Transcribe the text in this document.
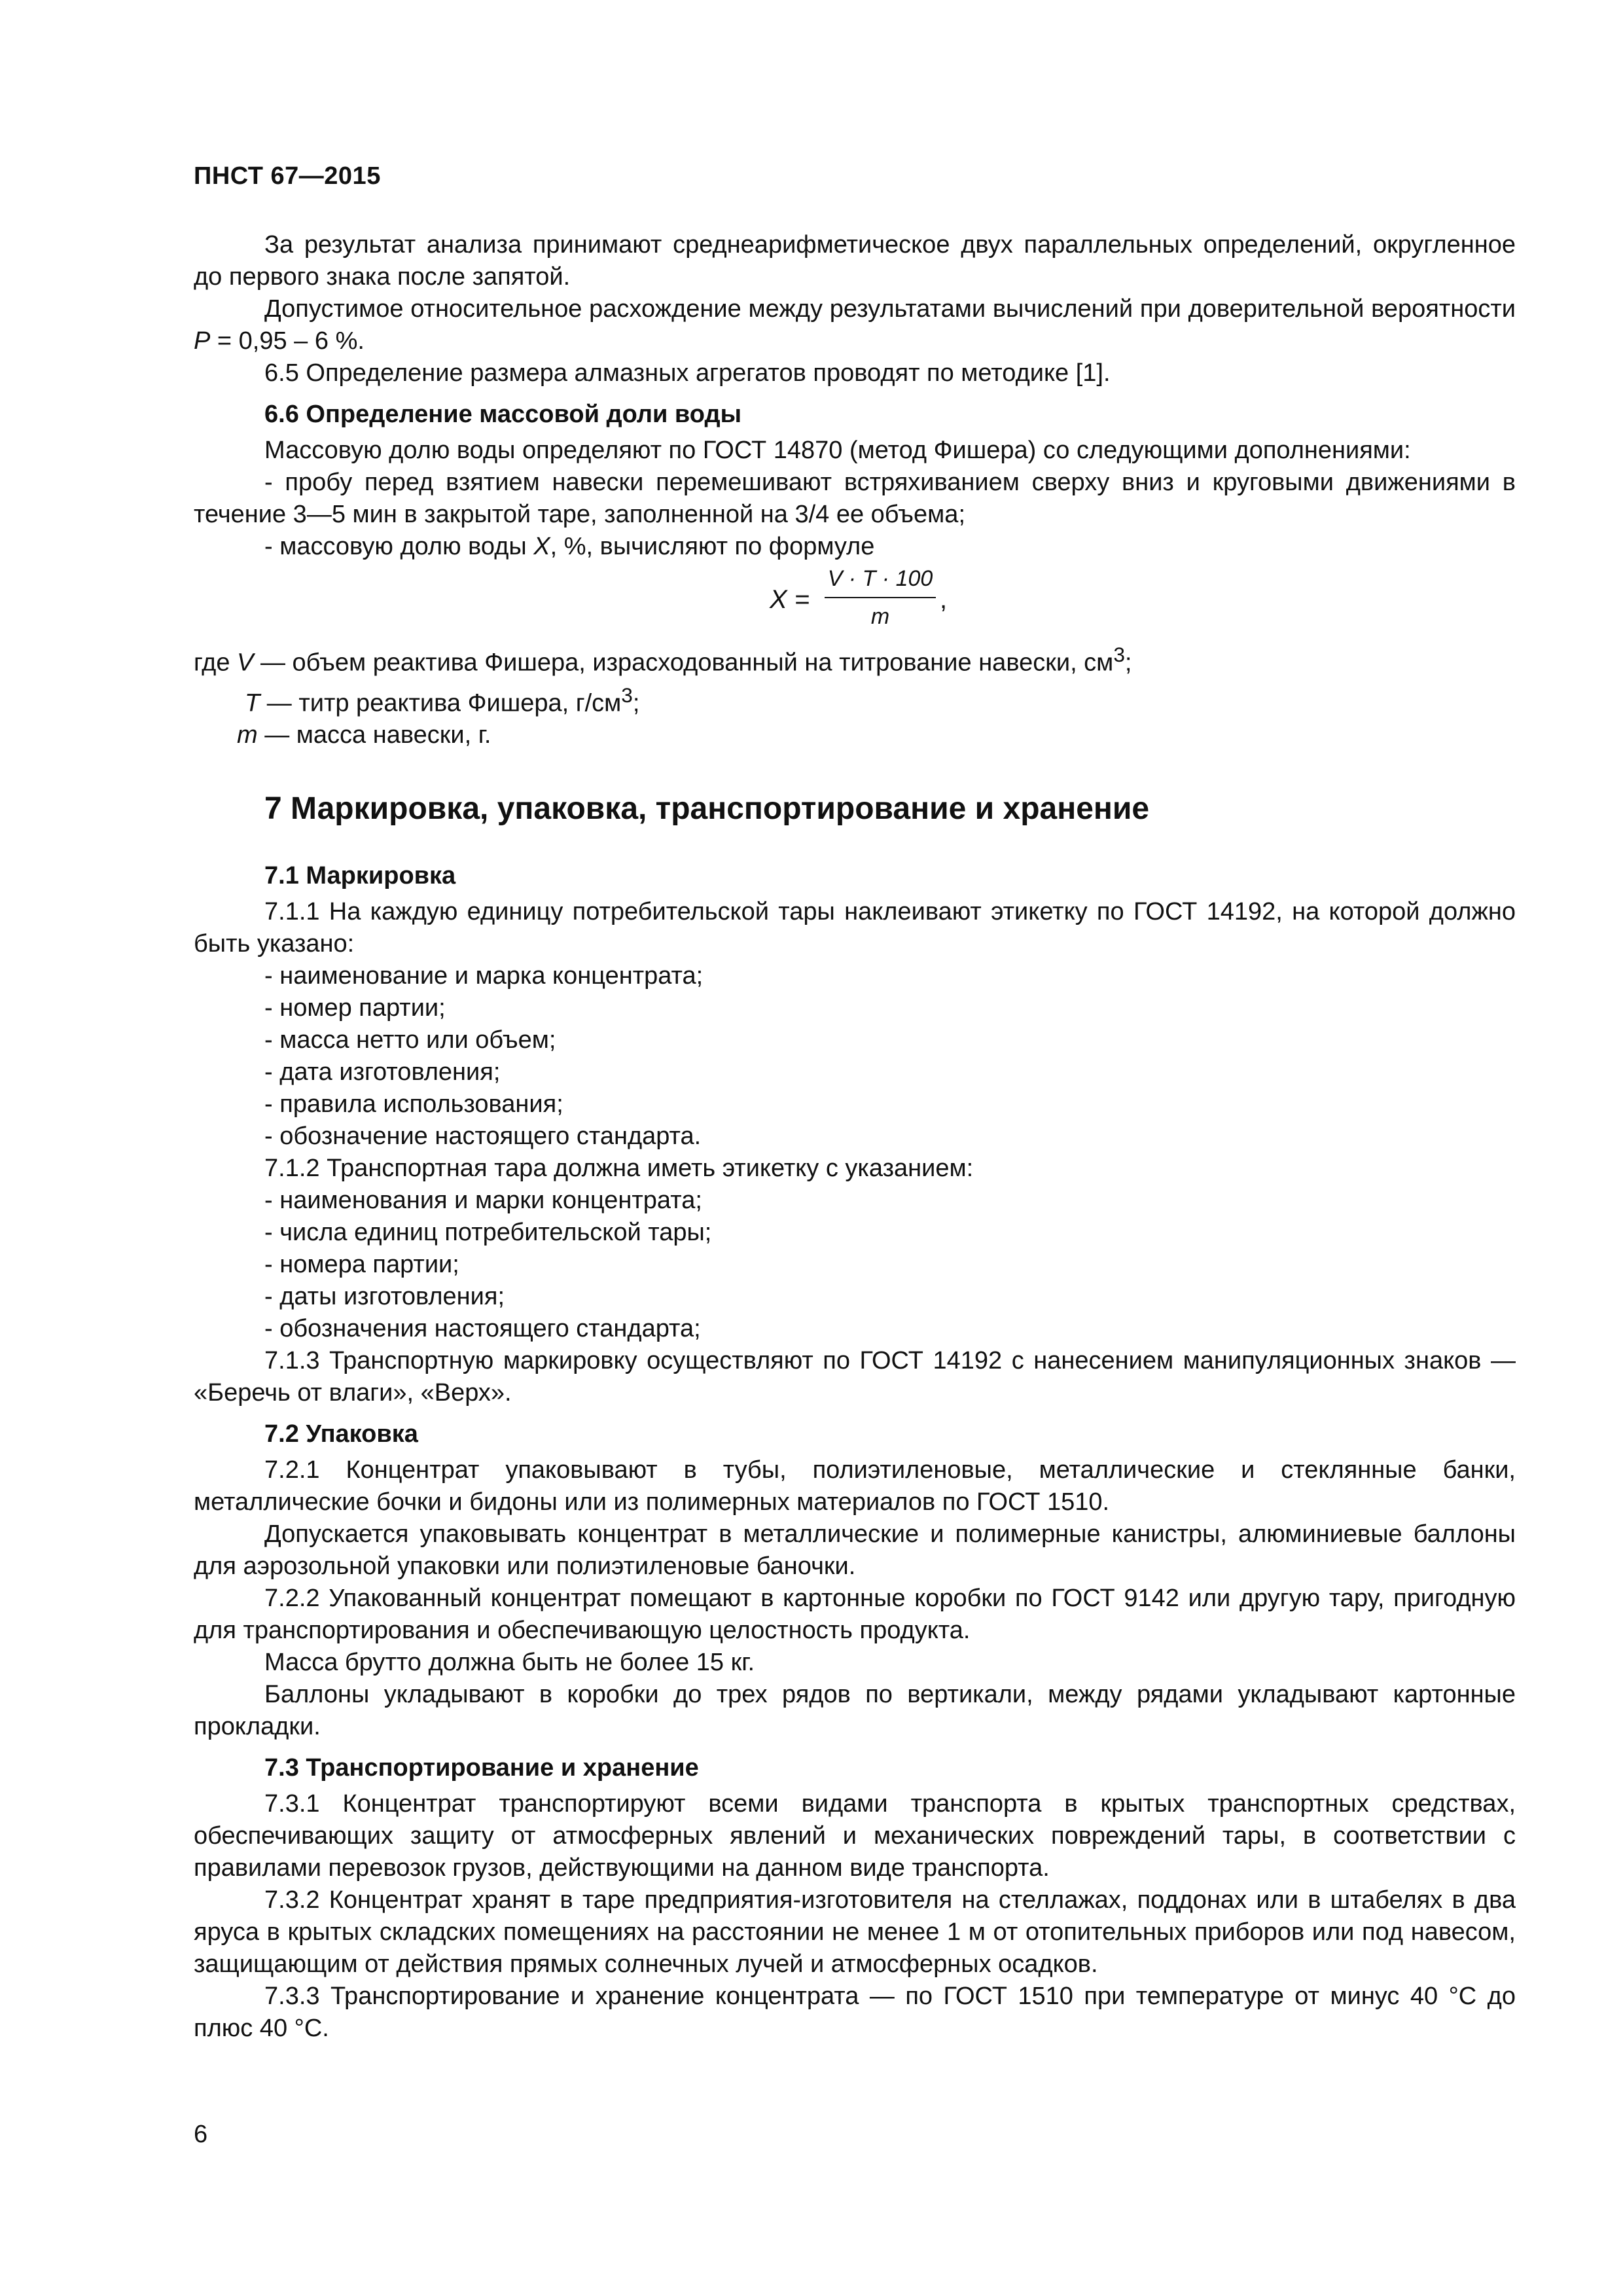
ПНСТ 67—2015

За результат анализа принимают среднеарифметическое двух параллельных определений, округленное до первого знака после запятой.

Допустимое относительное расхождение между результатами вычислений при доверительной вероятности P = 0,95 – 6 %.

6.5 Определение размера алмазных агрегатов проводят по методике [1].

6.6 Определение массовой доли воды

Массовую долю воды определяют по ГОСТ 14870 (метод Фишера) со следующими дополнениями:

- пробу перед взятием навески перемешивают встряхиванием сверху вниз и круговыми движениями в течение 3—5 мин в закрытой таре, заполненной на 3/4 ее объема;

- массовую долю воды X, %, вычисляют по формуле

X =
V · T · 100
m
,

где V — объем реактива Фишера, израсходованный на титрование навески, $см^3$;

T — титр реактива Фишера, $г/см^3$;

m — масса навески, г.

7 Маркировка, упаковка, транспортирование и хранение

7.1 Маркировка

7.1.1 На каждую единицу потребительской тары наклеивают этикетку по ГОСТ 14192, на которой должно быть указано:

- наименование и марка концентрата;

- номер партии;

- масса нетто или объем;

- дата изготовления;

- правила использования;

- обозначение настоящего стандарта.

7.1.2 Транспортная тара должна иметь этикетку с указанием:

- наименования и марки концентрата;

- числа единиц потребительской тары;

- номера партии;

- даты изготовления;

- обозначения настоящего стандарта;

7.1.3 Транспортную маркировку осуществляют по ГОСТ 14192 с нанесением манипуляционных знаков — «Беречь от влаги», «Верх».

7.2 Упаковка

7.2.1 Концентрат упаковывают в тубы, полиэтиленовые, металлические и стеклянные банки, металлические бочки и бидоны или из полимерных материалов по ГОСТ 1510.

Допускается упаковывать концентрат в металлические и полимерные канистры, алюминиевые баллоны для аэрозольной упаковки или полиэтиленовые баночки.

7.2.2 Упакованный концентрат помещают в картонные коробки по ГОСТ 9142 или другую тару, пригодную для транспортирования и обеспечивающую целостность продукта.

Масса брутто должна быть не более 15 кг.

Баллоны укладывают в коробки до трех рядов по вертикали, между рядами укладывают картонные прокладки.

7.3 Транспортирование и хранение

7.3.1 Концентрат транспортируют всеми видами транспорта в крытых транспортных средствах, обеспечивающих защиту от атмосферных явлений и механических повреждений тары, в соответствии с правилами перевозок грузов, действующими на данном виде транспорта.

7.3.2 Концентрат хранят в таре предприятия-изготовителя на стеллажах, поддонах или в штабелях в два яруса в крытых складских помещениях на расстоянии не менее 1 м от отопительных приборов или под навесом, защищающим от действия прямых солнечных лучей и атмосферных осадков.

7.3.3 Транспортирование и хранение концентрата — по ГОСТ 1510 при температуре от минус 40 °С до плюс 40 °С.

6
